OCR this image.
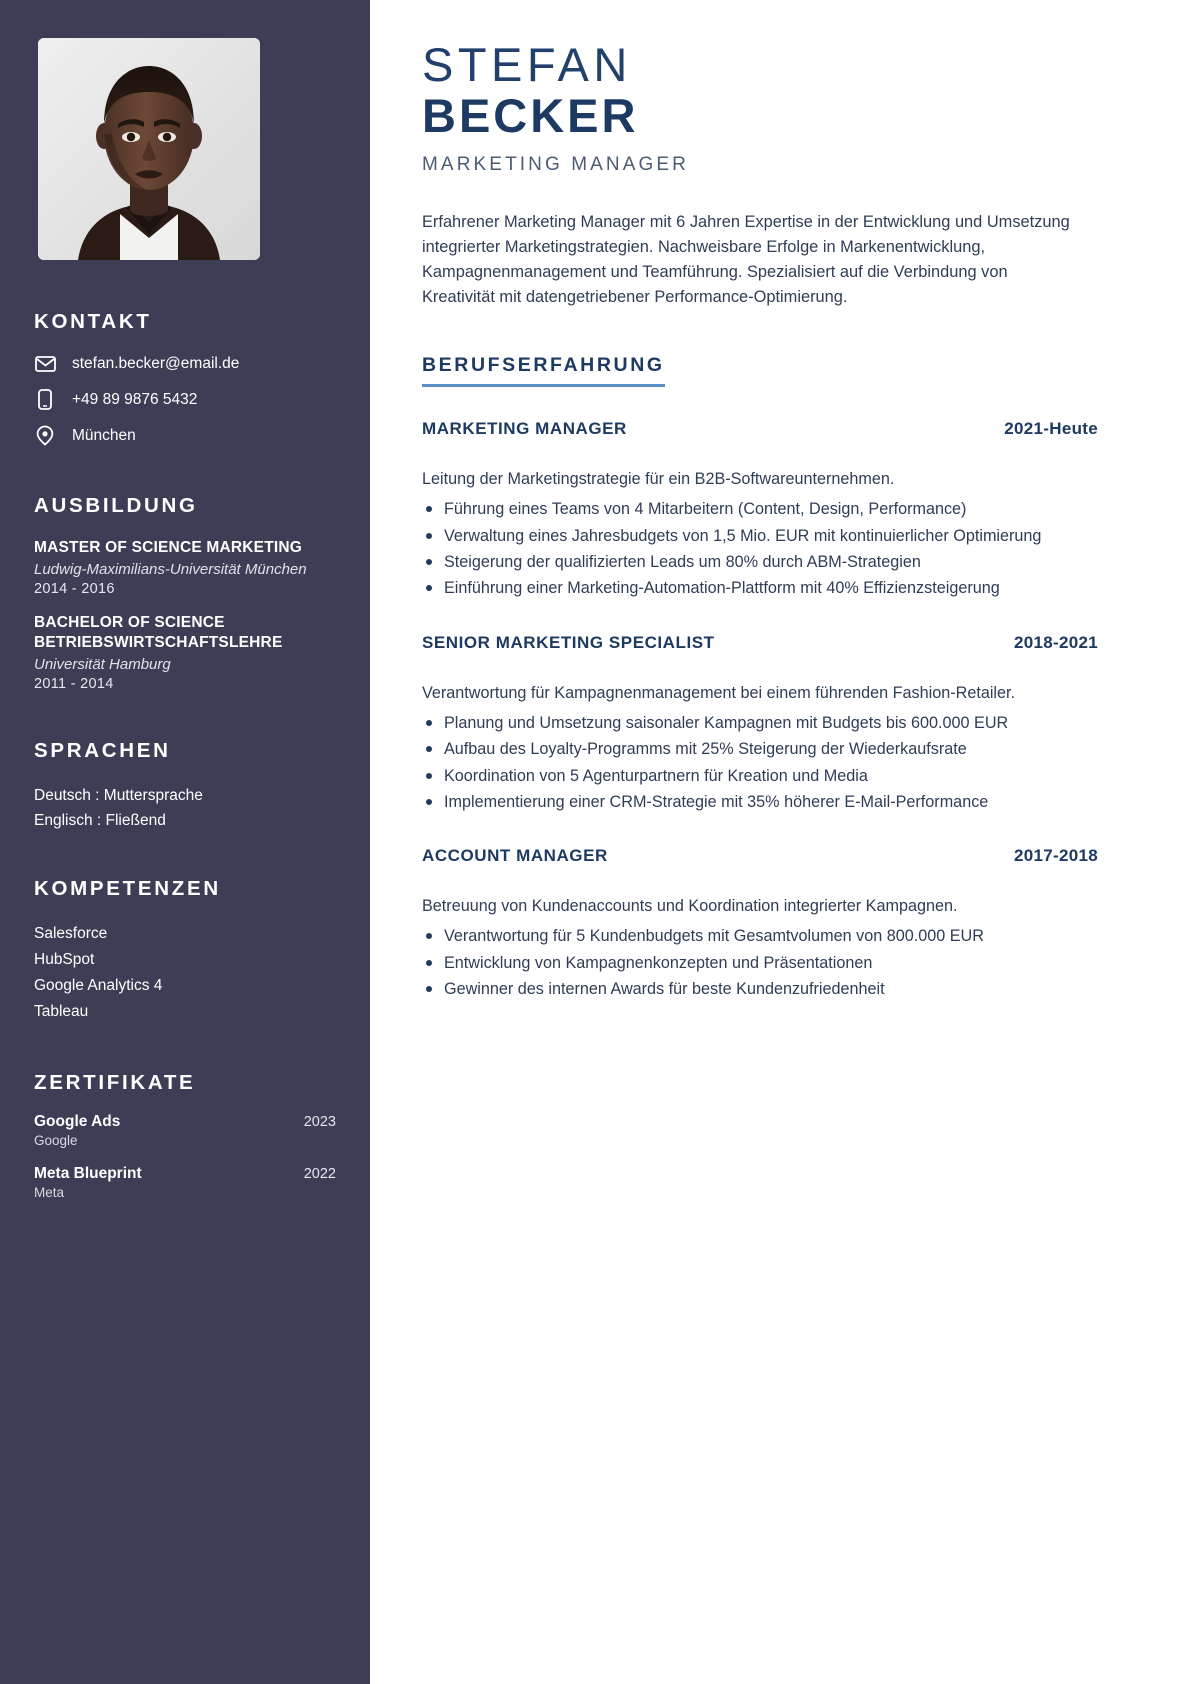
KONTAKT
stefan.becker@email.de
+49 89 9876 5432
München
AUSBILDUNG
MASTER OF SCIENCE MARKETING
Ludwig-Maximilians-Universität München
2014 - 2016
BACHELOR OF SCIENCE BETRIEBSWIRTSCHAFTSLEHRE
Universität Hamburg
2011 - 2014
SPRACHEN
Deutsch : Muttersprache
Englisch : Fließend
KOMPETENZEN
Salesforce
HubSpot
Google Analytics 4
Tableau
ZERTIFIKATE
Google Ads	2023
Google
Meta Blueprint	2022
Meta
STEFAN
BECKER
MARKETING MANAGER

Erfahrener Marketing Manager mit 6 Jahren Expertise in der Entwicklung und Umsetzung integrierter Marketingstrategien. Nachweisbare Erfolge in Markenentwicklung, Kampagnenmanagement und Teamführung. Spezialisiert auf die Verbindung von Kreativität mit datengetriebener Performance-Optimierung.

BERUFSERFAHRUNG
MARKETING MANAGER	2021-Heute
Leitung der Marketingstrategie für ein B2B-Softwareunternehmen.
Führung eines Teams von 4 Mitarbeitern (Content, Design, Performance)
Verwaltung eines Jahresbudgets von 1,5 Mio. EUR mit kontinuierlicher Optimierung
Steigerung der qualifizierten Leads um 80% durch ABM-Strategien
Einführung einer Marketing-Automation-Plattform mit 40% Effizienzsteigerung
SENIOR MARKETING SPECIALIST	2018-2021
Verantwortung für Kampagnenmanagement bei einem führenden Fashion-Retailer.
Planung und Umsetzung saisonaler Kampagnen mit Budgets bis 600.000 EUR
Aufbau des Loyalty-Programms mit 25% Steigerung der Wiederkaufsrate
Koordination von 5 Agenturpartnern für Kreation und Media
Implementierung einer CRM-Strategie mit 35% höherer E-Mail-Performance
ACCOUNT MANAGER	2017-2018
Betreuung von Kundenaccounts und Koordination integrierter Kampagnen.
Verantwortung für 5 Kundenbudgets mit Gesamtvolumen von 800.000 EUR
Entwicklung von Kampagnenkonzepten und Präsentationen
Gewinner des internen Awards für beste Kundenzufriedenheit
